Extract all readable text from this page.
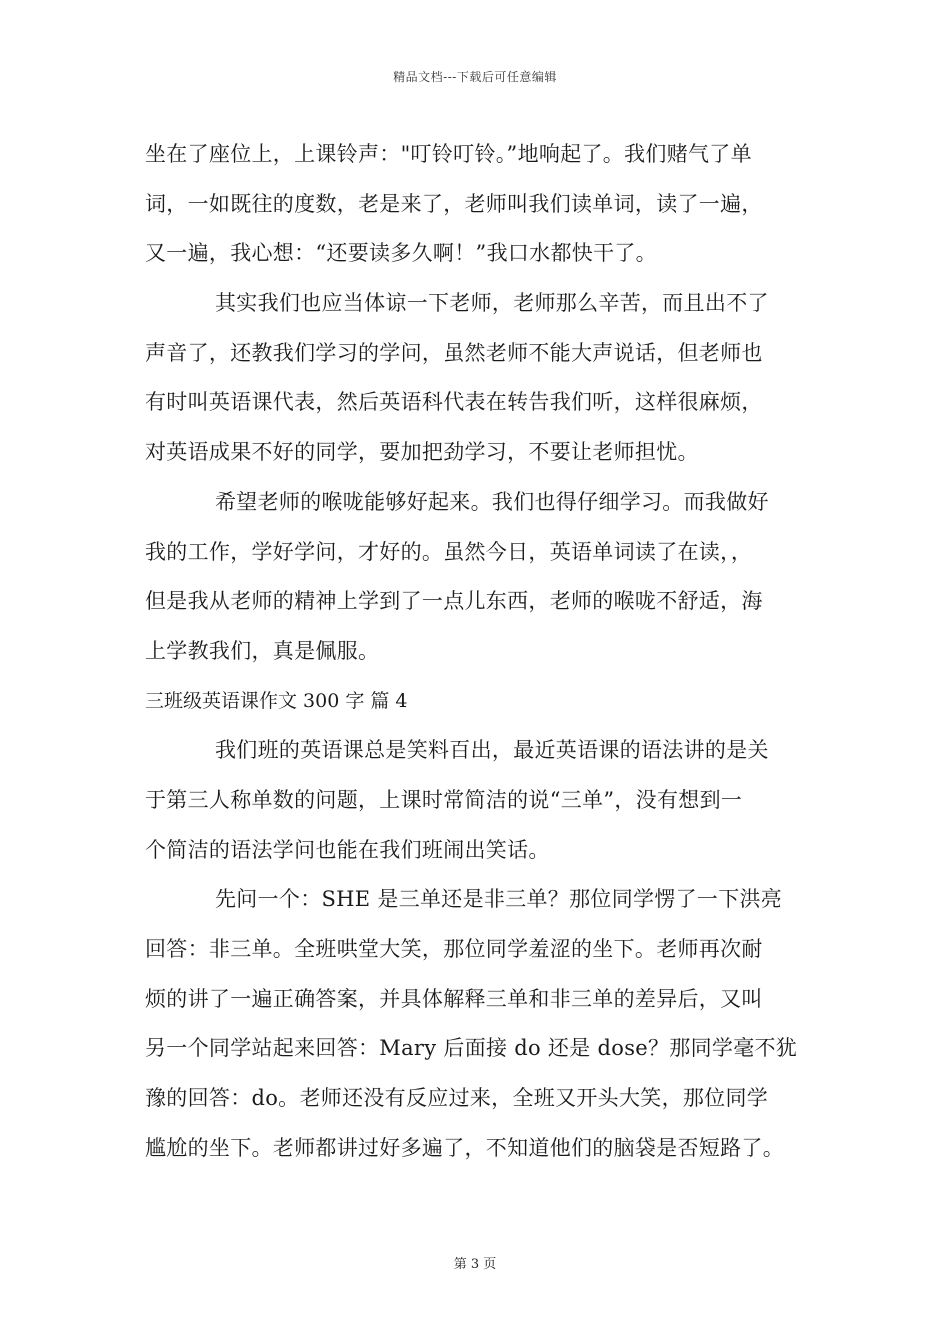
精品文档---下载后可任意编辑
坐在了座位上，上课铃声："叮铃叮铃。”地响起了。我们赌气了单
词，一如既往的度数，老是来了，老师叫我们读单词，读了一遍，
又一遍，我心想：“还要读多久啊！”我口水都快干了。
其实我们也应当体谅一下老师，老师那么辛苦，而且出不了
声音了，还教我们学习的学问，虽然老师不能大声说话，但老师也
有时叫英语课代表，然后英语科代表在转告我们听，这样很麻烦，
对英语成果不好的同学，要加把劲学习，不要让老师担忧。
希望老师的喉咙能够好起来。我们也得仔细学习。而我做好
我的工作，学好学问，才好的。虽然今日，英语单词读了在读，，
但是我从老师的精神上学到了一点儿东西，老师的喉咙不舒适，海
上学教我们，真是佩服。
三班级英语课作文 300 字 篇 4
我们班的英语课总是笑料百出，最近英语课的语法讲的是关
于第三人称单数的问题，上课时常简洁的说“三单”，没有想到一
个简洁的语法学问也能在我们班闹出笑话。
先问一个：SHE 是三单还是非三单？那位同学愣了一下洪亮
回答：非三单。全班哄堂大笑，那位同学羞涩的坐下。老师再次耐
烦的讲了一遍正确答案，并具体解释三单和非三单的差异后，又叫
另一个同学站起来回答：Mary 后面接 do 还是 dose？那同学毫不犹
豫的回答：do。老师还没有反应过来，全班又开头大笑，那位同学
尴尬的坐下。老师都讲过好多遍了，不知道他们的脑袋是否短路了。
第 3 页
